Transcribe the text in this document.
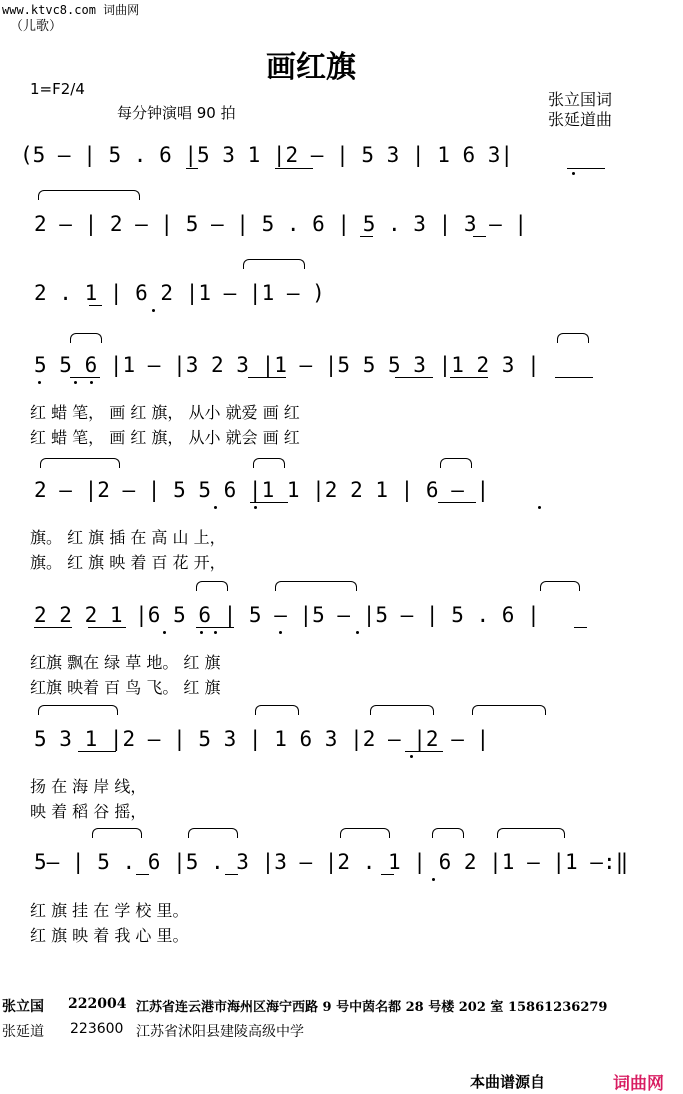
www.ktvc8.com 词曲网
（儿歌）
画红旗
1=F2/4
每分钟演唱 90 拍
张立国词
张延道曲
(5 — | 5 . 6 |5 3 1 |2 — | 5 3 | 1 6 3|
2 — | 2 — | 5 — | 5 . 6 | 5 . 3 | 3 — |
2 . 1 | 6 2 |1 — |1 — )
5 5 6 |1 — |3 2 3 |1 — |5 5 5 3 |1 2 3 |
红 蜡 笔， 画 红 旗， 从小 就爱 画 红
红 蜡 笔， 画 红 旗， 从小 就会 画 红
2 — |2 — | 5 5 6 |1 1 |2 2 1 | 6 — |
旗。 红 旗 插 在 高 山 上，
旗。 红 旗 映 着 百 花 开，
2 2 2 1 |6 5 6 | 5 — |5 — |5 — | 5 . 6 |
红旗 飘在 绿 草 地。 红 旗
红旗 映着 百 鸟 飞。 红 旗
5 3 1 |2 — | 5 3 | 1 6 3 |2 — |2 — |
扬 在 海 岸 线，
映 着 稻 谷 摇，
5— | 5 . 6 |5 . 3 |3 — |2 . 1 | 6 2 |1 — |1 —:‖
红 旗 挂 在 学 校 里。
红 旗 映 着 我 心 里。
张立国 222004 江苏省连云港市海州区海宁西路 9 号中茵名都 28 号楼 202 室 15861236279
张延道 223600 江苏省沭阳县建陵高级中学
本曲谱源自	词曲网
